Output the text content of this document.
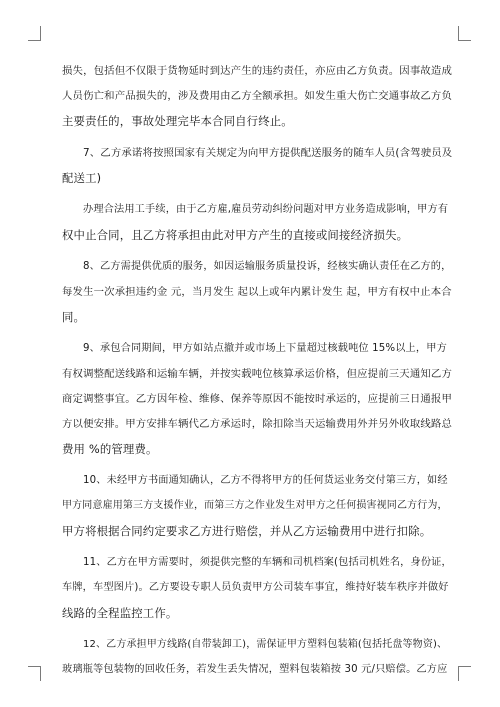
损失，包括但不仅限于货物延时到达产生的违约责任，亦应由乙方负责。因事故造成
人员伤亡和产品损失的，涉及费用由乙方全额承担。如发生重大伤亡交通事故乙方负
主要责任的，事故处理完毕本合同自行终止。
7、乙方承诺将按照国家有关规定为向甲方提供配送服务的随车人员(含驾驶员及
配送工)
办理合法用工手续，由于乙方雇,雇员劳动纠纷问题对甲方业务造成影响，甲方有
权中止合同，且乙方将承担由此对甲方产生的直接或间接经济损失。
8、乙方需提供优质的服务，如因运输服务质量投诉，经核实确认责任在乙方的，
每发生一次承担违约金 元，当月发生 起以上或年内累计发生 起，甲方有权中止本合
同。
9、承包合同期间，甲方如站点撤并或市场上下量超过核载吨位 15%以上，甲方
有权调整配送线路和运输车辆，并按实载吨位核算承运价格，但应提前三天通知乙方
商定调整事宜。乙方因年检、维修、保养等原因不能按时承运的，应提前三日通报甲
方以便安排。甲方安排车辆代乙方承运时，除扣除当天运输费用外并另外收取线路总
费用 %的管理费。
10、未经甲方书面通知确认，乙方不得将甲方的任何货运业务交付第三方，如经
甲方同意雇用第三方支援作业，而第三方之作业发生对甲方之任何损害视同乙方行为，
甲方将根据合同约定要求乙方进行赔偿，并从乙方运输费用中进行扣除。
11、乙方在甲方需要时，须提供完整的车辆和司机档案(包括司机姓名，身份证，
车牌，车型图片)。乙方要设专职人员负责甲方公司装车事宜，维持好装车秩序并做好
线路的全程监控工作。
12、乙方承担甲方线路(自带装卸工)，需保证甲方塑料包装箱(包括托盘等物资)、
玻璃瓶等包装物的回收任务，若发生丢失情况，塑料包装箱按 30 元/只赔偿。乙方应
